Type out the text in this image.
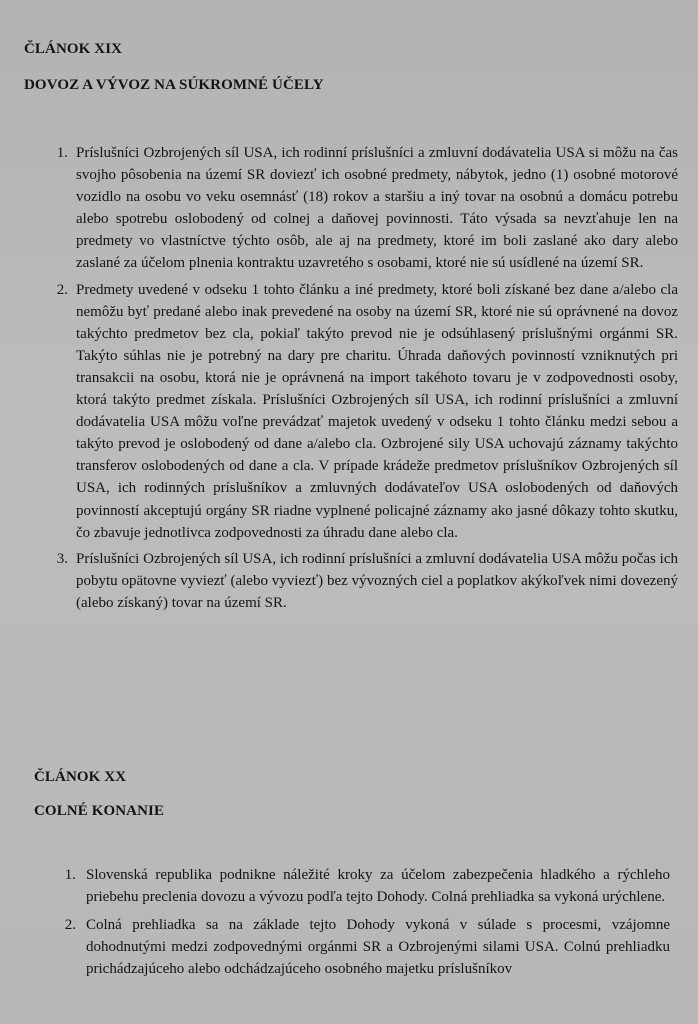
ČLÁNOK XIX
DOVOZ A VÝVOZ NA SÚKROMNÉ ÚČELY
1. Príslušníci Ozbrojených síl USA, ich rodinní príslušníci a zmluvní dodávatelia USA si môžu na čas svojho pôsobenia na území SR doviezť ich osobné predmety, nábytok, jedno (1) osobné motorové vozidlo na osobu vo veku osemnásť (18) rokov a staršiu a iný tovar na osobnú a domácu potrebu alebo spotrebu oslobodený od colnej a daňovej povinnosti. Táto výsada sa nevzťahuje len na predmety vo vlastníctve týchto osôb, ale aj na predmety, ktoré im boli zaslané ako dary alebo zaslané za účelom plnenia kontraktu uzavretého s osobami, ktoré nie sú usídlené na území SR.
2. Predmety uvedené v odseku 1 tohto článku a iné predmety, ktoré boli získané bez dane a/alebo cla nemôžu byť predané alebo inak prevedené na osoby na území SR, ktoré nie sú oprávnené na dovoz takýchto predmetov bez cla, pokiaľ takýto prevod nie je odsúhlasený príslušnými orgánmi SR. Takýto súhlas nie je potrebný na dary pre charitu. Úhrada daňových povinností vzniknutých pri transakcii na osobu, ktorá nie je oprávnená na import takéhoto tovaru je v zodpovednosti osoby, ktorá takýto predmet získala. Príslušníci Ozbrojených síl USA, ich rodinní príslušníci a zmluvní dodávatelia USA môžu voľne prevádzať majetok uvedený v odseku 1 tohto článku medzi sebou a takýto prevod je oslobodený od dane a/alebo cla. Ozbrojené sily USA uchovajú záznamy takýchto transferov oslobodených od dane a cla. V prípade krádeže predmetov príslušníkov Ozbrojených síl USA, ich rodinných príslušníkov a zmluvných dodávateľov USA oslobodených od daňových povinností akceptujú orgány SR riadne vyplnené policajné záznamy ako jasné dôkazy tohto skutku, čo zbavuje jednotlivca zodpovednosti za úhradu dane alebo cla.
3. Príslušníci Ozbrojených síl USA, ich rodinní príslušníci a zmluvní dodávatelia USA môžu počas ich pobytu opätovne vyviezť (alebo vyviezť) bez vývozných ciel a poplatkov akýkoľvek nimi dovezený (alebo získaný) tovar na území SR.
ČLÁNOK XX
COLNÉ KONANIE
1. Slovenská republika podnikne náležité kroky za účelom zabezpečenia hladkého a rýchleho priebehu preclenia dovozu a vývozu podľa tejto Dohody. Colná prehliadka sa vykoná urýchlene.
2. Colná prehliadka sa na základe tejto Dohody vykoná v súlade s procesmi, vzájomne dohodnutými medzi zodpovednými orgánmi SR a Ozbrojenými silami USA. Colnú prehliadku prichádzajúceho alebo odchádzajúceho osobného majetku príslušníkov
